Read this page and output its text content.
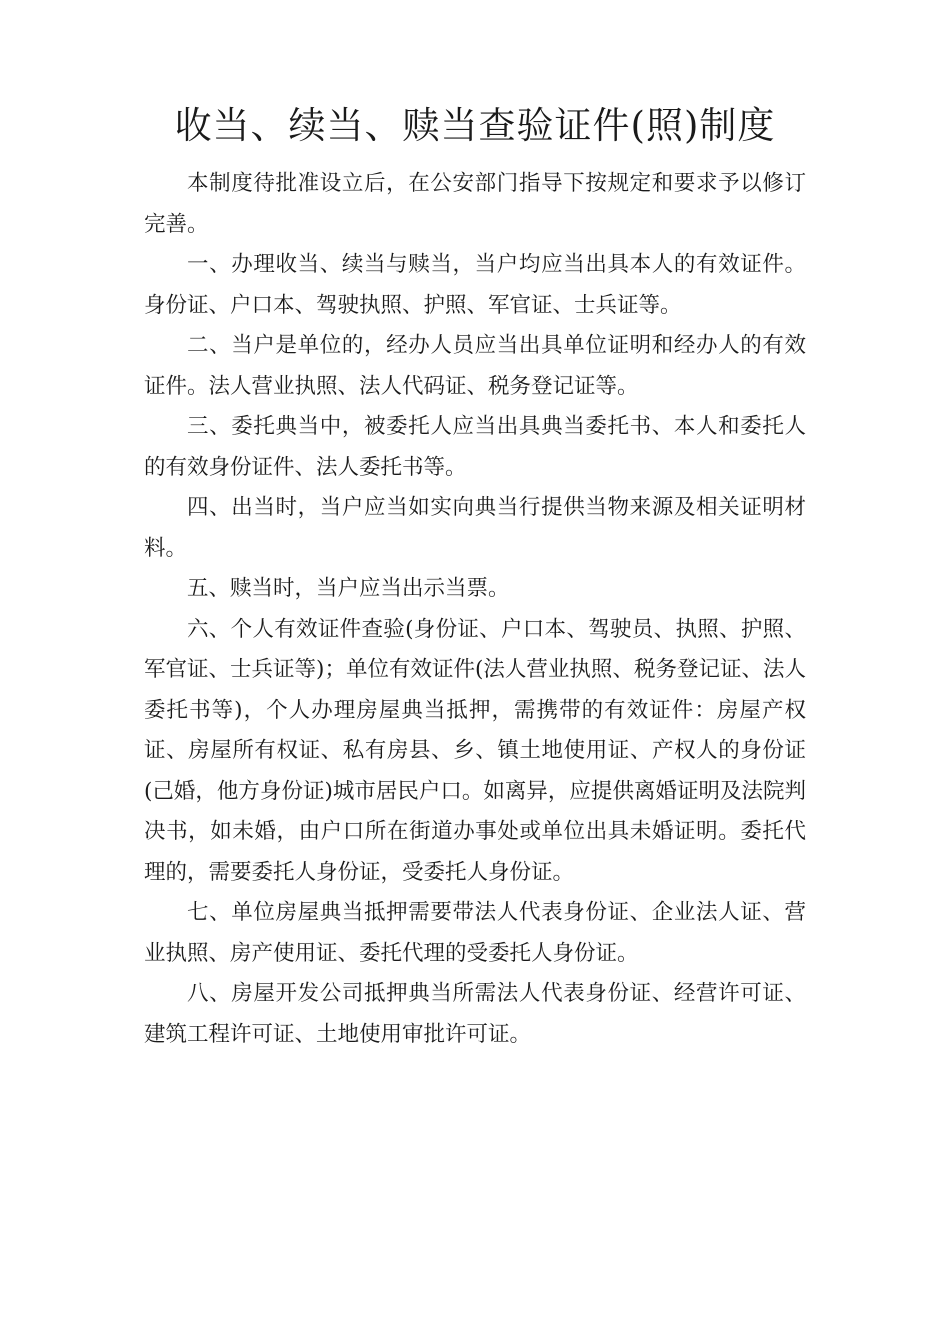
收当、续当、赎当查验证件(照)制度

本制度待批准设立后，在公安部门指导下按规定和要求予以修订完善。

一、办理收当、续当与赎当，当户均应当出具本人的有效证件。身份证、户口本、驾驶执照、护照、军官证、士兵证等。

二、当户是单位的，经办人员应当出具单位证明和经办人的有效证件。法人营业执照、法人代码证、税务登记证等。

三、委托典当中，被委托人应当出具典当委托书、本人和委托人的有效身份证件、法人委托书等。

四、出当时，当户应当如实向典当行提供当物来源及相关证明材料。

五、赎当时，当户应当出示当票。

六、个人有效证件查验(身份证、户口本、驾驶员、执照、护照、军官证、士兵证等)；单位有效证件(法人营业执照、税务登记证、法人委托书等)，个人办理房屋典当抵押，需携带的有效证件：房屋产权证、房屋所有权证、私有房县、乡、镇土地使用证、产权人的身份证(己婚，他方身份证)城市居民户口。如离异，应提供离婚证明及法院判决书，如未婚，由户口所在街道办事处或单位出具未婚证明。委托代理的，需要委托人身份证，受委托人身份证。

七、单位房屋典当抵押需要带法人代表身份证、企业法人证、营业执照、房产使用证、委托代理的受委托人身份证。

八、房屋开发公司抵押典当所需法人代表身份证、经营许可证、建筑工程许可证、土地使用审批许可证。
